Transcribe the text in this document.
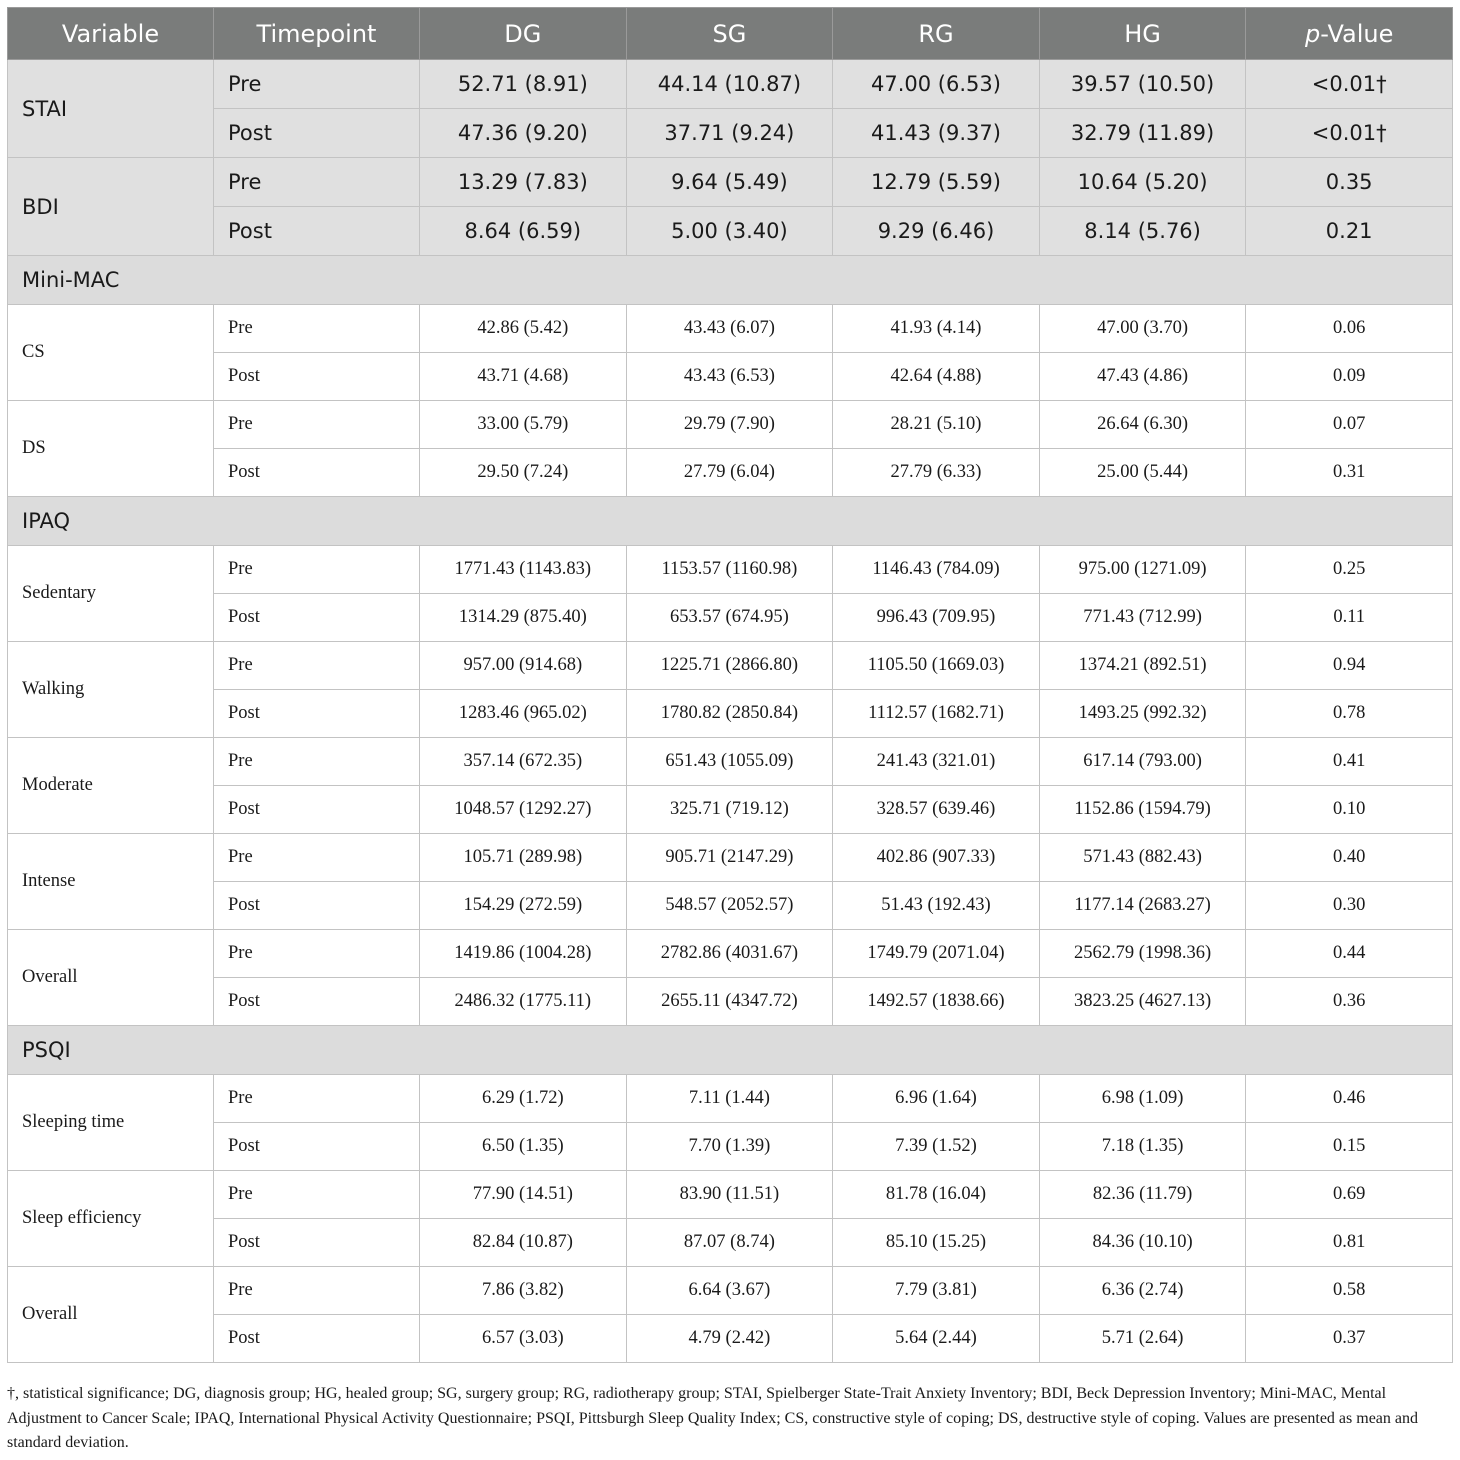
Variable	Timepoint	DG	SG	RG	HG	p-Value
STAI	Pre	52.71 (8.91)	44.14 (10.87)	47.00 (6.53)	39.57 (10.50)	<0.01†
	Post	47.36 (9.20)	37.71 (9.24)	41.43 (9.37)	32.79 (11.89)	<0.01†
BDI	Pre	13.29 (7.83)	9.64 (5.49)	12.79 (5.59)	10.64 (5.20)	0.35
	Post	8.64 (6.59)	5.00 (3.40)	9.29 (6.46)	8.14 (5.76)	0.21
Mini-MAC						
CS	Pre	42.86 (5.42)	43.43 (6.07)	41.93 (4.14)	47.00 (3.70)	0.06
	Post	43.71 (4.68)	43.43 (6.53)	42.64 (4.88)	47.43 (4.86)	0.09
DS	Pre	33.00 (5.79)	29.79 (7.90)	28.21 (5.10)	26.64 (6.30)	0.07
	Post	29.50 (7.24)	27.79 (6.04)	27.79 (6.33)	25.00 (5.44)	0.31
IPAQ						
Sedentary	Pre	1771.43 (1143.83)	1153.57 (1160.98)	1146.43 (784.09)	975.00 (1271.09)	0.25
	Post	1314.29 (875.40)	653.57 (674.95)	996.43 (709.95)	771.43 (712.99)	0.11
Walking	Pre	957.00 (914.68)	1225.71 (2866.80)	1105.50 (1669.03)	1374.21 (892.51)	0.94
	Post	1283.46 (965.02)	1780.82 (2850.84)	1112.57 (1682.71)	1493.25 (992.32)	0.78
Moderate	Pre	357.14 (672.35)	651.43 (1055.09)	241.43 (321.01)	617.14 (793.00)	0.41
	Post	1048.57 (1292.27)	325.71 (719.12)	328.57 (639.46)	1152.86 (1594.79)	0.10
Intense	Pre	105.71 (289.98)	905.71 (2147.29)	402.86 (907.33)	571.43 (882.43)	0.40
	Post	154.29 (272.59)	548.57 (2052.57)	51.43 (192.43)	1177.14 (2683.27)	0.30
Overall	Pre	1419.86 (1004.28)	2782.86 (4031.67)	1749.79 (2071.04)	2562.79 (1998.36)	0.44
	Post	2486.32 (1775.11)	2655.11 (4347.72)	1492.57 (1838.66)	3823.25 (4627.13)	0.36
PSQI						
Sleeping time	Pre	6.29 (1.72)	7.11 (1.44)	6.96 (1.64)	6.98 (1.09)	0.46
	Post	6.50 (1.35)	7.70 (1.39)	7.39 (1.52)	7.18 (1.35)	0.15
Sleep efficiency	Pre	77.90 (14.51)	83.90 (11.51)	81.78 (16.04)	82.36 (11.79)	0.69
	Post	82.84 (10.87)	87.07 (8.74)	85.10 (15.25)	84.36 (10.10)	0.81
Overall	Pre	7.86 (3.82)	6.64 (3.67)	7.79 (3.81)	6.36 (2.74)	0.58
	Post	6.57 (3.03)	4.79 (2.42)	5.64 (2.44)	5.71 (2.64)	0.37

†, statistical significance; DG, diagnosis group; HG, healed group; SG, surgery group; RG, radiotherapy group; STAI, Spielberger State-Trait Anxiety Inventory; BDI, Beck Depression Inventory; Mini-MAC, Mental Adjustment to Cancer Scale; IPAQ, International Physical Activity Questionnaire; PSQI, Pittsburgh Sleep Quality Index; CS, constructive style of coping; DS, destructive style of coping. Values are presented as mean and standard deviation.
